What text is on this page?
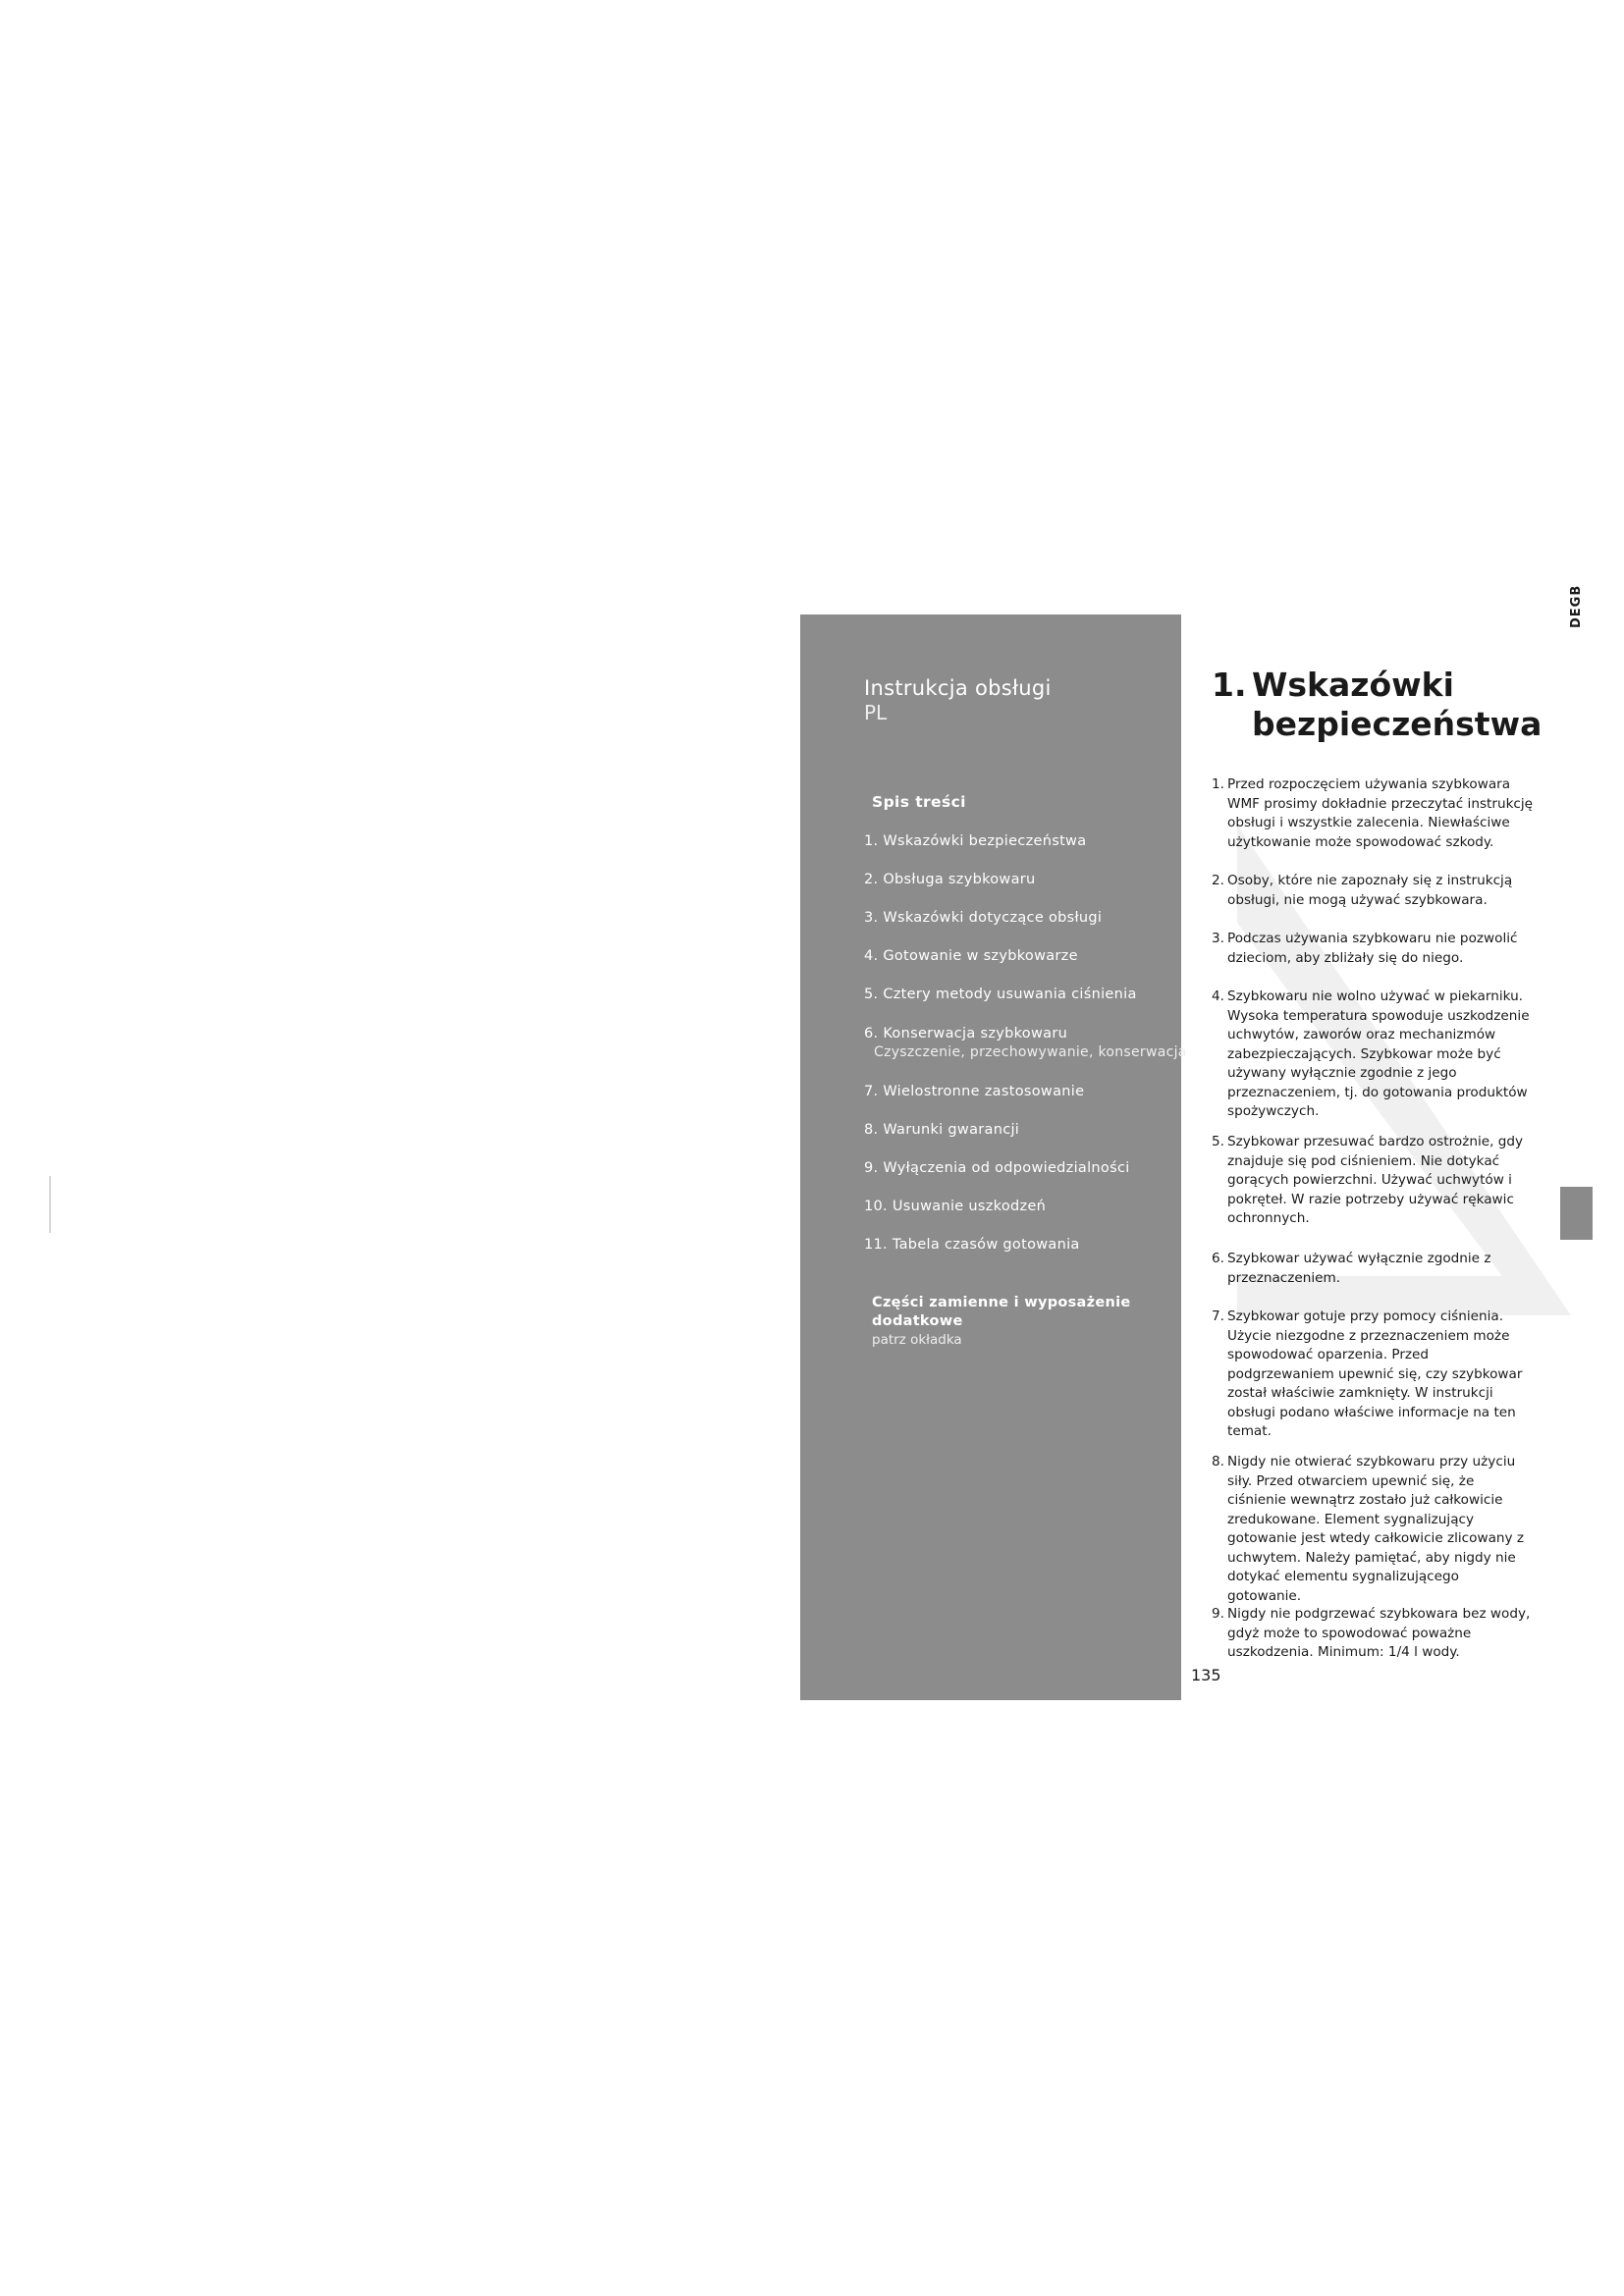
Instrukcja obsługi
PL
Spis treści
1. Wskazówki bezpieczeństwa
2. Obsługa szybkowaru
3. Wskazówki dotyczące obsługi
4. Gotowanie w szybkowarze
5. Cztery metody usuwania ciśnienia
6. Konserwacja szybkowaru
Czyszczenie, przechowywanie, konserwacja
7. Wielostronne zastosowanie
8. Warunki gwarancji
9. Wyłączenia od odpowiedzialności
10. Usuwanie uszkodzeń
11. Tabela czasów gotowania
Części zamienne i wyposażenie dodatkowe
patrz okładka
DEGB
1. Wskazówki
bezpieczeństwa
1. Przed rozpoczęciem używania szybkowara WMF prosimy dokładnie przeczytać instrukcję obsługi i wszystkie zalecenia. Niewłaściwe użytkowanie może spowodować szkody.
2. Osoby, które nie zapoznały się z instrukcją obsługi, nie mogą używać szybkowara.
3. Podczas używania szybkowaru nie pozwolić dzieciom, aby zbliżały się do niego.
4. Szybkowaru nie wolno używać w piekarniku. Wysoka temperatura spowoduje uszkodzenie uchwytów, zaworów oraz mechanizmów zabezpieczających. Szybkowar może być używany wyłącznie zgodnie z jego przeznaczeniem, tj. do gotowania produktów spożywczych.
5. Szybkowar przesuwać bardzo ostrożnie, gdy znajduje się pod ciśnieniem. Nie dotykać gorących powierzchni. Używać uchwytów i pokręteł. W razie potrzeby używać rękawic ochronnych.
6. Szybkowar używać wyłącznie zgodnie z przeznaczeniem.
7. Szybkowar gotuje przy pomocy ciśnienia. Użycie niezgodne z przeznaczeniem może spowodować oparzenia. Przed podgrzewaniem upewnić się, czy szybkowar został właściwie zamknięty. W instrukcji obsługi podano właściwe informacje na ten temat.
8. Nigdy nie otwierać szybkowaru przy użyciu siły. Przed otwarciem upewnić się, że ciśnienie wewnątrz zostało już całkowicie zredukowane. Element sygnalizujący gotowanie jest wtedy całkowicie zlicowany z uchwytem. Należy pamiętać, aby nigdy nie dotykać elementu sygnalizującego gotowanie.
9. Nigdy nie podgrzewać szybkowara bez wody, gdyż może to spowodować poważne uszkodzenia. Minimum: 1/4 l wody.
135
